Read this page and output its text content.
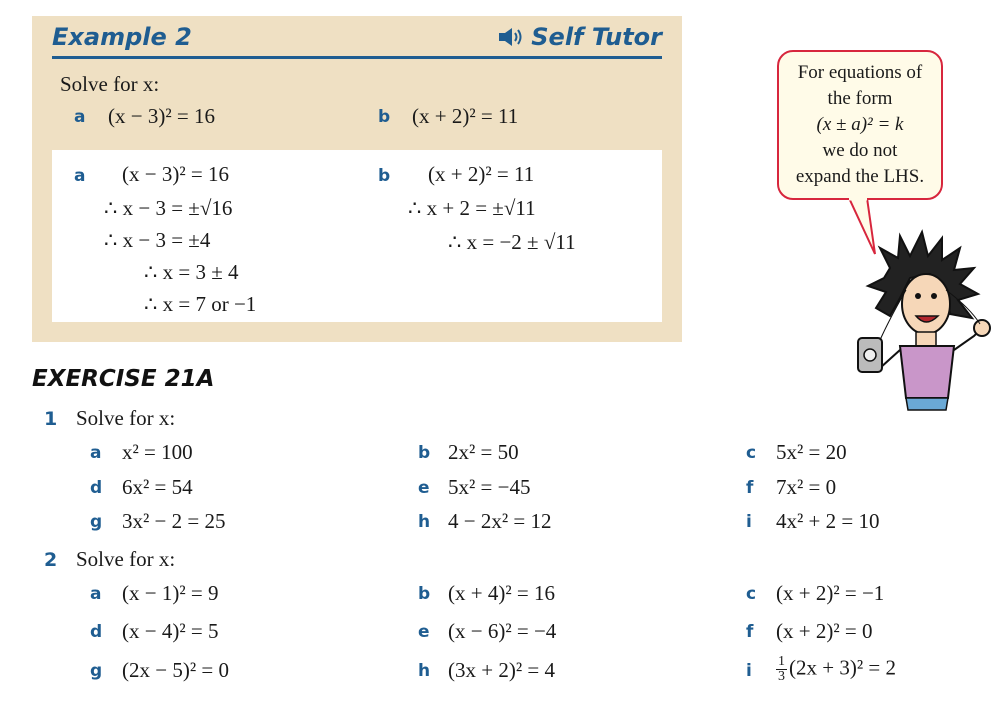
Example 2	Self Tutor
Solve for x:
a (x − 3)² = 16	b (x + 2)² = 11
a (x − 3)² = 16
∴ x − 3 = ±√16
∴ x − 3 = ±4
∴ x = 3 ± 4
∴ x = 7 or −1
b (x + 2)² = 11
∴ x + 2 = ±√11
∴ x = −2 ± √11
For equations of
the form
(x ± a)² = k
we do not
expand the LHS.
EXERCISE 21A
1 Solve for x:
a x² = 100	b 2x² = 50	c 5x² = 20
d 6x² = 54	e 5x² = −45	f 7x² = 0
g 3x² − 2 = 25	h 4 − 2x² = 12	i 4x² + 2 = 10
2 Solve for x:
a (x − 1)² = 9	b (x + 4)² = 16	c (x + 2)² = −1
d (x − 4)² = 5	e (x − 6)² = −4	f (x + 2)² = 0
g (2x − 5)² = 0	h (3x + 2)² = 4	i $\frac{1}{3} (2x + 3)^2 = 2$
